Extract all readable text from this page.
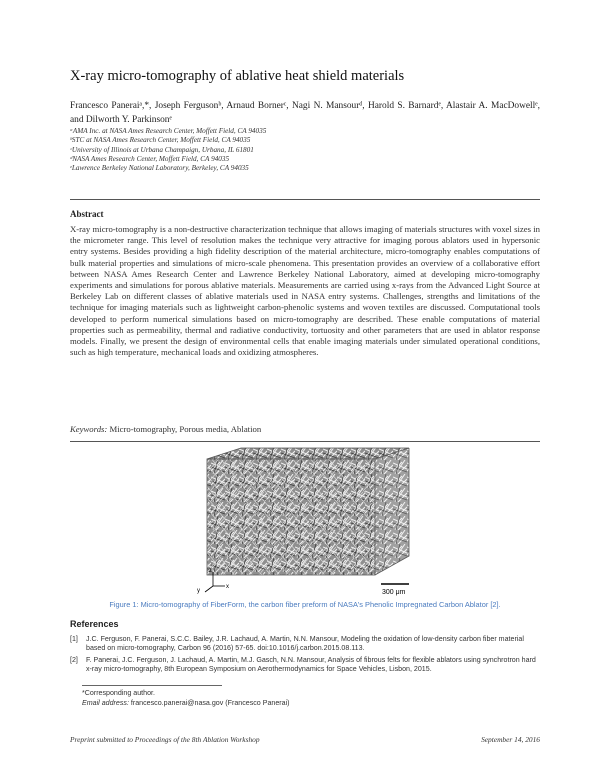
X-ray micro-tomography of ablative heat shield materials
Francesco Paneraiᵃ,*, Joseph Fergusonᵇ, Arnaud Bornerᶜ, Nagi N. Mansourᵈ, Harold S. Barnardᵉ, Alastair A. MacDowellᵉ, and Dilworth Y. Parkinsonᵉ
ᵃAMA Inc. at NASA Ames Research Center, Moffett Field, CA 94035
ᵇSTC at NASA Ames Research Center, Moffett Field, CA 94035
ᶜUniversity of Illinois at Urbana Champaign, Urbana, IL 61801
ᵈNASA Ames Research Center, Moffett Field, CA 94035
ᵉLawrence Berkeley National Laboratory, Berkeley, CA 94035
Abstract
X-ray micro-tomography is a non-destructive characterization technique that allows imaging of materials structures with voxel sizes in the micrometer range. This level of resolution makes the technique very attractive for imaging porous ablators used in hypersonic entry systems. Besides providing a high fidelity description of the material architecture, micro-tomography enables computations of bulk material properties and simulations of micro-scale phenomena. This presentation provides an overview of a collaborative effort between NASA Ames Research Center and Lawrence Berkeley National Laboratory, aimed at developing micro-tomography experiments and simulations for porous ablative materials. Measurements are carried using x-rays from the Advanced Light Source at Berkeley Lab on different classes of ablative materials used in NASA entry systems. Challenges, strengths and limitations of the technique for imaging materials such as lightweight carbon-phenolic systems and woven textiles are discussed. Computational tools developed to perform numerical simulations based on micro-tomography are described. These enable computations of material properties such as permeability, thermal and radiative conductivity, tortuosity and other parameters that are used in ablator response models. Finally, we present the design of environmental cells that enable imaging materials under simulated operational conditions, such as high temperature, mechanical loads and oxidizing atmospheres.
Keywords: Micro-tomography, Porous media, Ablation
z
y
x
300 μm
Figure 1: Micro-tomography of FiberForm, the carbon fiber preform of NASA's Phenolic Impregnated Carbon Ablator [2].
References
[1]	J.C. Ferguson, F. Panerai, S.C.C. Bailey, J.R. Lachaud, A. Martin, N.N. Mansour, Modeling the oxidation of low-density carbon fiber material based on micro-tomography, Carbon 96 (2016) 57-65. doi:10.1016/j.carbon.2015.08.113.
[2]	F. Panerai, J.C. Ferguson, J. Lachaud, A. Martin, M.J. Gasch, N.N. Mansour, Analysis of fibrous felts for flexible ablators using synchrotron hard x-ray micro-tomography, 8th European Symposium on Aerothermodynamics for Space Vehicles, Lisbon, 2015.
*Corresponding author.
Email address: francesco.panerai@nasa.gov (Francesco Panerai)
Preprint submitted to Proceedings of the 8th Ablation Workshop	September 14, 2016
